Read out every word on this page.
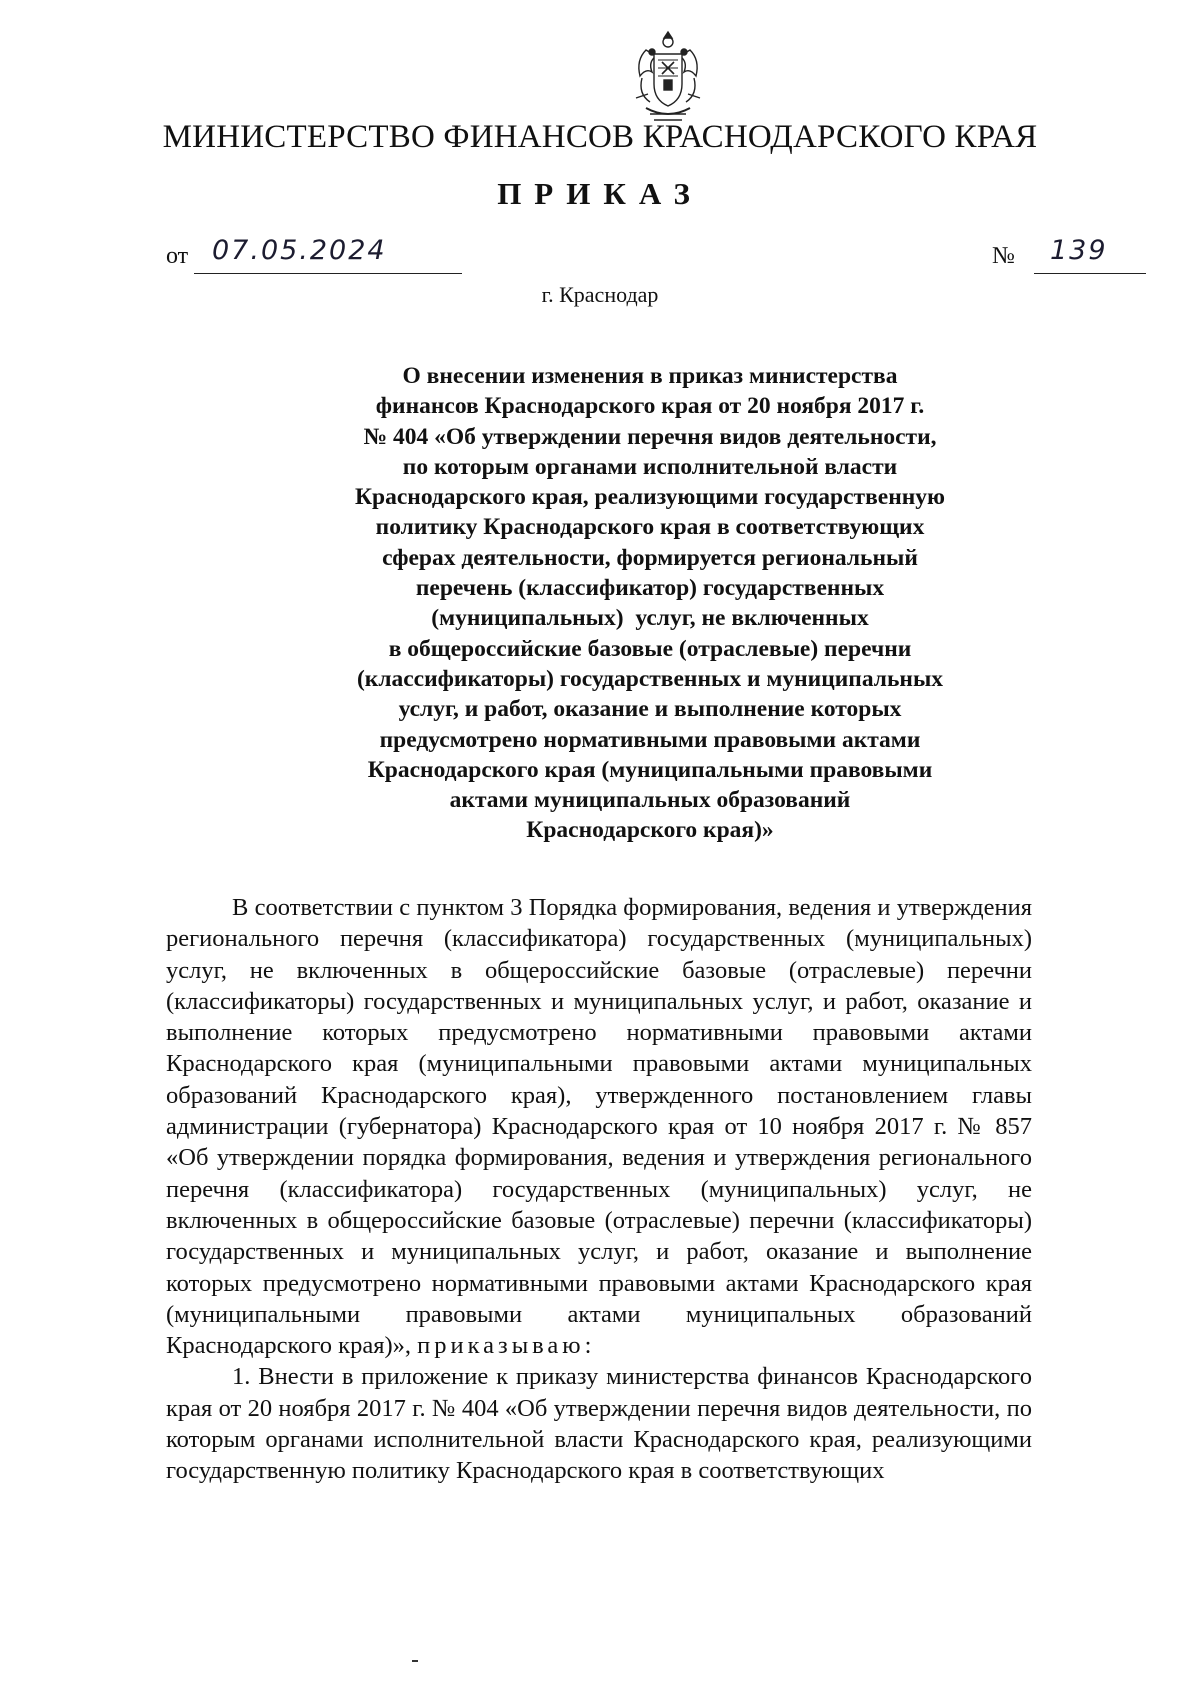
МИНИСТЕРСТВО ФИНАНСОВ КРАСНОДАРСКОГО КРАЯ
ПРИКАЗ
от 07.05.2024	№ 139
г. Краснодар
О внесении изменения в приказ министерства
финансов Краснодарского края от 20 ноября 2017 г.
№ 404 «Об утверждении перечня видов деятельности,
по которым органами исполнительной власти
Краснодарского края, реализующими государственную
политику Краснодарского края в соответствующих
сферах деятельности, формируется региональный
перечень (классификатор) государственных
(муниципальных)  услуг, не включенных
в общероссийские базовые (отраслевые) перечни
(классификаторы) государственных и муниципальных
услуг, и работ, оказание и выполнение которых
предусмотрено нормативными правовыми актами
Краснодарского края (муниципальными правовыми
актами муниципальных образований
Краснодарского края)»

В соответствии с пунктом 3 Порядка формирования, ведения и утверждения регионального перечня (классификатора) государственных (муниципальных) услуг, не включенных в общероссийские базовые (отраслевые) перечни (классификаторы) государственных и муниципальных услуг, и работ, оказание и выполнение которых предусмотрено нормативными правовыми актами Краснодарского края (муниципальными правовыми актами муниципальных образований Краснодарского края), утвержденного постановлением главы администрации (губернатора) Краснодарского края от 10 ноября 2017 г. № 857 «Об утверждении порядка формирования, ведения и утверждения регионального перечня (классификатора) государственных (муниципальных) услуг, не включенных в общероссийские базовые (отраслевые) перечни (классификаторы) государственных и муниципальных услуг, и работ, оказание и выполнение которых предусмотрено нормативными правовыми актами Краснодарского края (муниципальными правовыми актами муниципальных образований Краснодарского края)», приказываю:

1. Внести в приложение к приказу министерства финансов Краснодарского края от 20 ноября 2017 г. № 404 «Об утверждении перечня видов деятельности, по которым органами исполнительной власти Краснодарского края, реализующими государственную политику Краснодарского края в соответствующих
